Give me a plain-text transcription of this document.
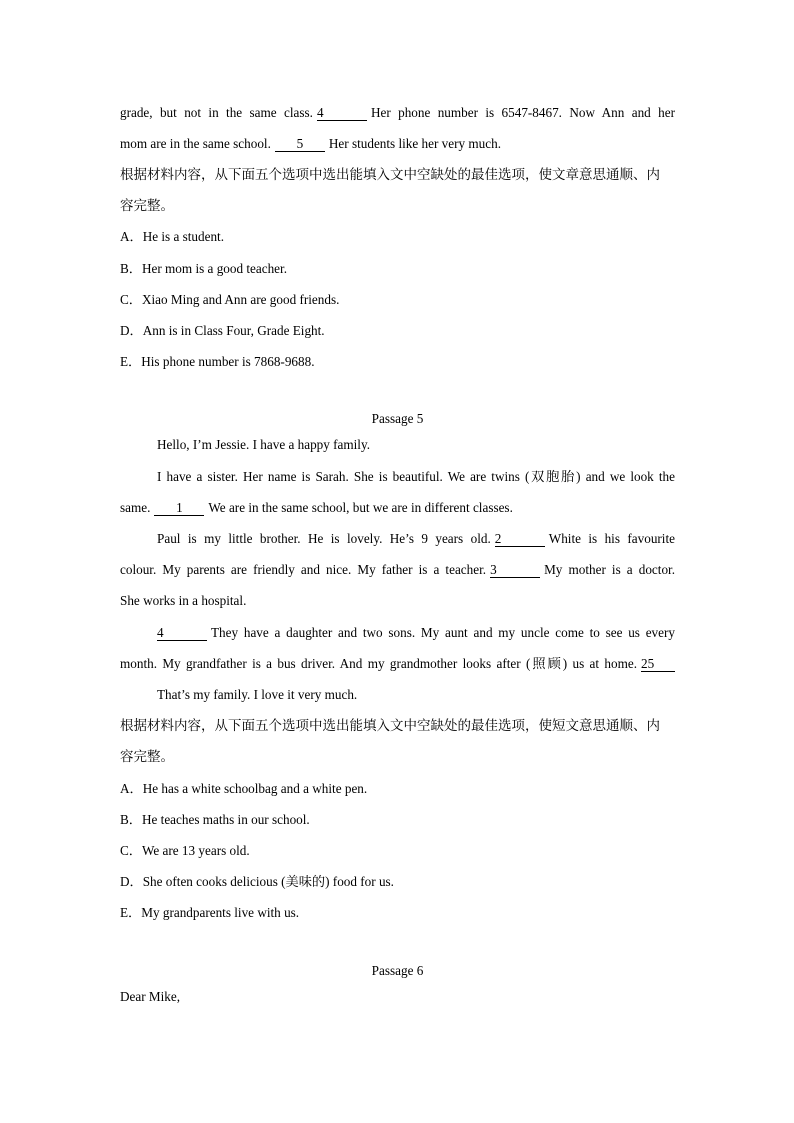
grade, but not in the same class. 4	Her phone number is 6547-8467. Now Ann and her
mom are in the same school. 5 Her students like her very much.
根据材料内容，从下面五个选项中选出能填入文中空缺处的最佳选项，使文章意思通顺、内
容完整。
A．He is a student.
B．Her mom is a good teacher.
C．Xiao Ming and Ann are good friends.
D．Ann is in Class Four, Grade Eight.
E．His phone number is 7868-9688.
Passage 5
Hello, I’m Jessie. I have a happy family.
I have a sister. Her name is Sarah. She is beautiful. We are twins (双胞胎) and we look the
same. 1 We are in the same school, but we are in different classes.
Paul is my little brother. He is lovely. He’s 9 years old. 2	White is his favourite
colour. My parents are friendly and nice. My father is a teacher. 3	My mother is a doctor.
She works in a hospital.
4	They have a daughter and two sons. My aunt and my uncle come to see us every
month. My grandfather is a bus driver. And my grandmother looks after (照顾) us at home. 25
That’s my family. I love it very much.
根据材料内容，从下面五个选项中选出能填入文中空缺处的最佳选项，使短文意思通顺、内
容完整。
A．He has a white schoolbag and a white pen.
B．He teaches maths in our school.
C．We are 13 years old.
D．She often cooks delicious (美味的) food for us.
E．My grandparents live with us.
Passage 6
Dear Mike,
